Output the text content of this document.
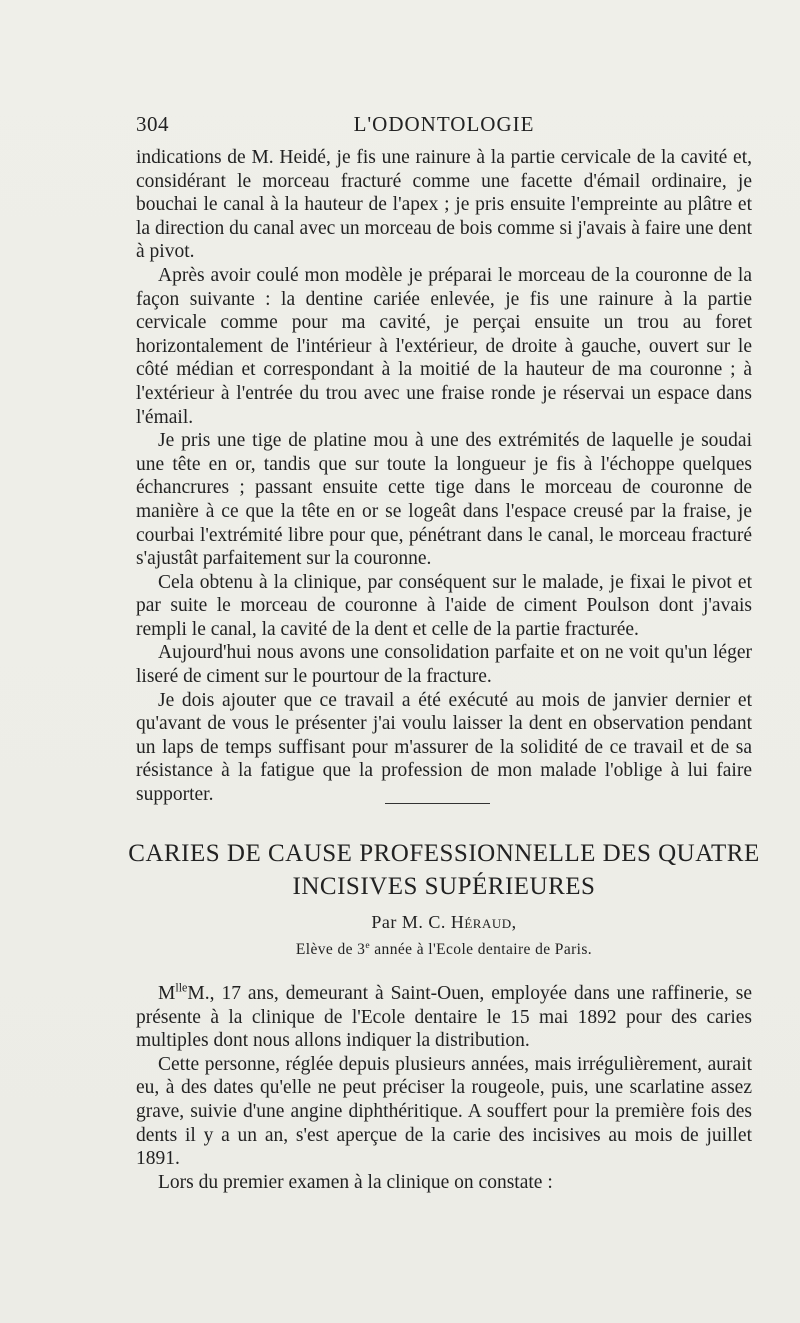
304	L'ODONTOLOGIE

indications de M. Heidé, je fis une rainure à la partie cervicale de la cavité et, considérant le morceau fracturé comme une facette d'émail ordinaire, je bouchai le canal à la hauteur de l'apex ; je pris ensuite l'empreinte au plâtre et la direction du canal avec un morceau de bois comme si j'avais à faire une dent à pivot.

Après avoir coulé mon modèle je préparai le morceau de la couronne de la façon suivante : la dentine cariée enlevée, je fis une rainure à la partie cervicale comme pour ma cavité, je perçai ensuite un trou au foret horizontalement de l'intérieur à l'extérieur, de droite à gauche, ouvert sur le côté médian et correspondant à la moitié de la hauteur de ma couronne ; à l'extérieur à l'entrée du trou avec une fraise ronde je réservai un espace dans l'émail.

Je pris une tige de platine mou à une des extrémités de laquelle je soudai une tête en or, tandis que sur toute la longueur je fis à l'échoppe quelques échancrures ; passant ensuite cette tige dans le morceau de couronne de manière à ce que la tête en or se logeât dans l'espace creusé par la fraise, je courbai l'extrémité libre pour que, pénétrant dans le canal, le morceau fracturé s'ajustât parfaitement sur la couronne.

Cela obtenu à la clinique, par conséquent sur le malade, je fixai le pivot et par suite le morceau de couronne à l'aide de ciment Poulson dont j'avais rempli le canal, la cavité de la dent et celle de la partie fracturée.

Aujourd'hui nous avons une consolidation parfaite et on ne voit qu'un léger liseré de ciment sur le pourtour de la fracture.

Je dois ajouter que ce travail a été exécuté au mois de janvier dernier et qu'avant de vous le présenter j'ai voulu laisser la dent en observation pendant un laps de temps suffisant pour m'assurer de la solidité de ce travail et de sa résistance à la fatigue que la profession de mon malade l'oblige à lui faire supporter.

CARIES DE CAUSE PROFESSIONNELLE DES QUATRE
INCISIVES SUPÉRIEURES
Par M. C. Héraud,
Elève de 3e année à l'Ecole dentaire de Paris.

$M^{lle}M$., 17 ans, demeurant à Saint-Ouen, employée dans une raffinerie, se présente à la clinique de l'Ecole dentaire le 15 mai 1892 pour des caries multiples dont nous allons indiquer la distribution.

Cette personne, réglée depuis plusieurs années, mais irrégulièrement, aurait eu, à des dates qu'elle ne peut préciser la rougeole, puis, une scarlatine assez grave, suivie d'une angine diphthéritique. A souffert pour la première fois des dents il y a un an, s'est aperçue de la carie des incisives au mois de juillet 1891.

Lors du premier examen à la clinique on constate :
